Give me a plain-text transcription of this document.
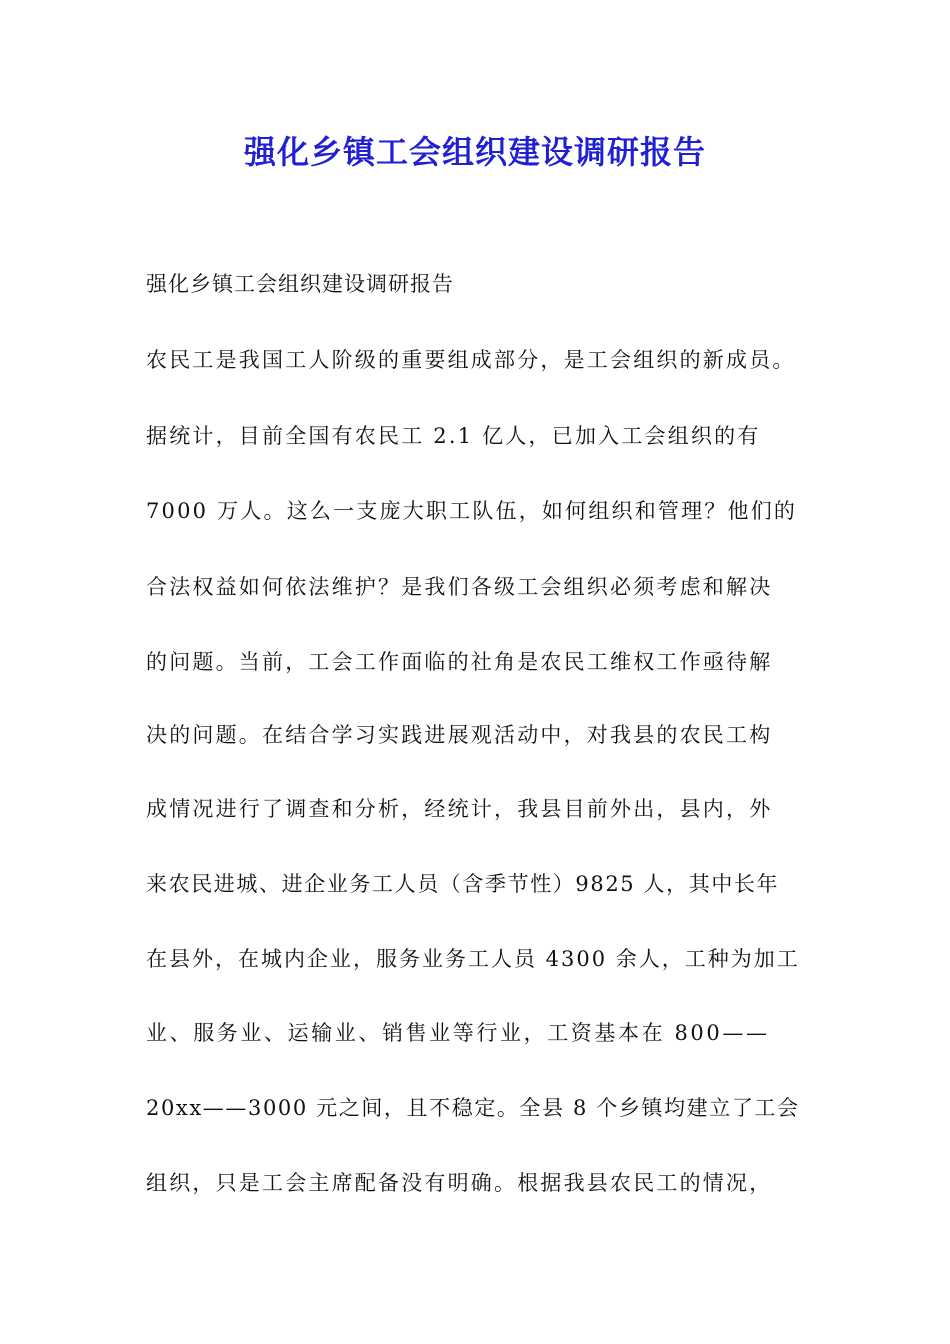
强化乡镇工会组织建设调研报告

强化乡镇工会组织建设调研报告

农民工是我国工人阶级的重要组成部分，是工会组织的新成员。

据统计，目前全国有农民工 2.1 亿人，已加入工会组织的有

7000 万人。这么一支庞大职工队伍，如何组织和管理？他们的

合法权益如何依法维护？是我们各级工会组织必须考虑和解决

的问题。当前，工会工作面临的社角是农民工维权工作亟待解

决的问题。在结合学习实践进展观活动中，对我县的农民工构

成情况进行了调查和分析，经统计，我县目前外出，县内，外

来农民进城、进企业务工人员（含季节性）9825 人，其中长年

在县外，在城内企业，服务业务工人员 4300 余人，工种为加工

业、服务业、运输业、销售业等行业，工资基本在 800——

20xx——3000 元之间，且不稳定。全县 8 个乡镇均建立了工会

组织，只是工会主席配备没有明确。根据我县农民工的情况，
